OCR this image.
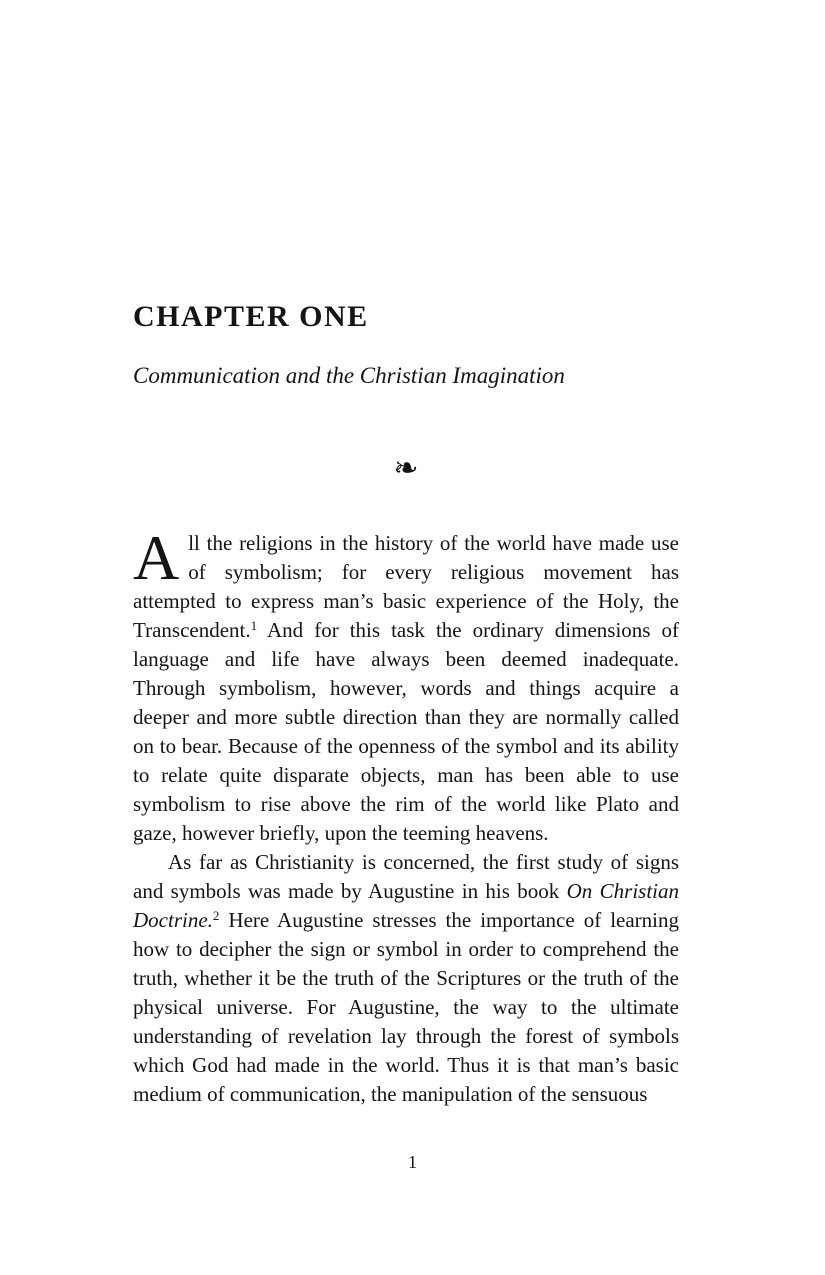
CHAPTER ONE
Communication and the Christian Imagination
❧

All the religions in the history of the world have made use of symbolism; for every religious movement has attempted to express man’s basic experience of the Holy, the Transcendent.$^1$ And for this task the ordinary dimensions of language and life have always been deemed inadequate. Through symbolism, however, words and things acquire a deeper and more subtle direction than they are normally called on to bear. Because of the openness of the symbol and its ability to relate quite disparate objects, man has been able to use symbolism to rise above the rim of the world like Plato and gaze, however briefly, upon the teeming heavens.

As far as Christianity is concerned, the first study of signs and symbols was made by Augustine in his book On Christian Doctrine.$^2$ Here Augustine stresses the importance of learning how to decipher the sign or symbol in order to comprehend the truth, whether it be the truth of the Scriptures or the truth of the physical universe. For Augustine, the way to the ultimate understanding of revelation lay through the forest of symbols which God had made in the world. Thus it is that man’s basic medium of communication, the manipulation of the sensuous

1
